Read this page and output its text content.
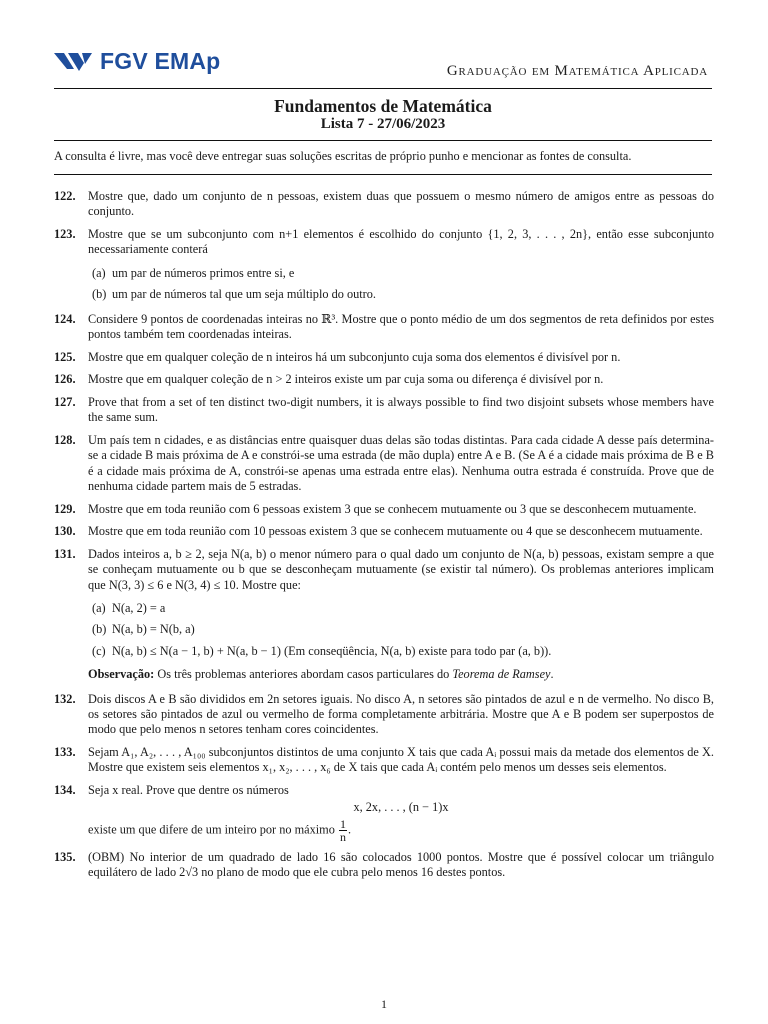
FGV EMAp	Graduação em Matemática Aplicada
Fundamentos de Matemática
Lista 7 - 27/06/2023
A consulta é livre, mas você deve entregar suas soluções escritas de próprio punho e mencionar as fontes de consulta.
122.	Mostre que, dado um conjunto de n pessoas, existem duas que possuem o mesmo número de amigos entre as pessoas do conjunto.
123.	Mostre que se um subconjunto com n+1 elementos é escolhido do conjunto {1, 2, 3, . . . , 2n}, então esse subconjunto necessariamente conterá
(a) um par de números primos entre si, e
(b) um par de números tal que um seja múltiplo do outro.
124.	Considere 9 pontos de coordenadas inteiras no ℝ³. Mostre que o ponto médio de um dos segmentos de reta definidos por estes pontos também tem coordenadas inteiras.
125.	Mostre que em qualquer coleção de n inteiros há um subconjunto cuja soma dos elementos é divisível por n.
126.	Mostre que em qualquer coleção de n > 2 inteiros existe um par cuja soma ou diferença é divisível por n.
127.	Prove that from a set of ten distinct two-digit numbers, it is always possible to find two disjoint subsets whose members have the same sum.
128.	Um país tem n cidades, e as distâncias entre quaisquer duas delas são todas distintas. Para cada cidade A desse país determina-se a cidade B mais próxima de A e constrói-se uma estrada (de mão dupla) entre A e B. (Se A é a cidade mais próxima de B e B é a cidade mais próxima de A, constrói-se apenas uma estrada entre elas). Nenhuma outra estrada é construída. Prove que de nenhuma cidade partem mais de 5 estradas.
129.	Mostre que em toda reunião com 6 pessoas existem 3 que se conhecem mutuamente ou 3 que se desconhecem mutuamente.
130.	Mostre que em toda reunião com 10 pessoas existem 3 que se conhecem mutuamente ou 4 que se desconhecem mutuamente.
131.	Dados inteiros a, b ≥ 2, seja N(a, b) o menor número para o qual dado um conjunto de N(a, b) pessoas, existam sempre a que se conheçam mutuamente ou b que se desconheçam mutuamente (se existir tal número). Os problemas anteriores implicam que N(3, 3) ≤ 6 e N(3, 4) ≤ 10. Mostre que:
(a) N(a, 2) = a
(b) N(a, b) = N(b, a)
(c) N(a, b) ≤ N(a − 1, b) + N(a, b − 1) (Em conseqüência, N(a, b) existe para todo par (a, b)).
Observação: Os três problemas anteriores abordam casos particulares do Teorema de Ramsey.
132.	Dois discos A e B são divididos em 2n setores iguais. No disco A, n setores são pintados de azul e n de vermelho. No disco B, os setores são pintados de azul ou vermelho de forma completamente arbitrária. Mostre que A e B podem ser superpostos de modo que pelo menos n setores tenham cores coincidentes.
133.	Sejam A₁, A₂, . . . , A₁₀₀ subconjuntos distintos de uma conjunto X tais que cada Aᵢ possui mais da metade dos elementos de X. Mostre que existem seis elementos x₁, x₂, . . . , x₆ de X tais que cada Aᵢ contém pelo menos um desses seis elementos.
134.	Seja x real. Prove que dentre os números
x, 2x, . . . , (n − 1)x
existe um que difere de um inteiro por no máximo $\frac{1}{n}$ .
135.	(OBM) No interior de um quadrado de lado 16 são colocados 1000 pontos. Mostre que é possível colocar um triângulo equilátero de lado 2√3 no plano de modo que ele cubra pelo menos 16 destes pontos.
1
